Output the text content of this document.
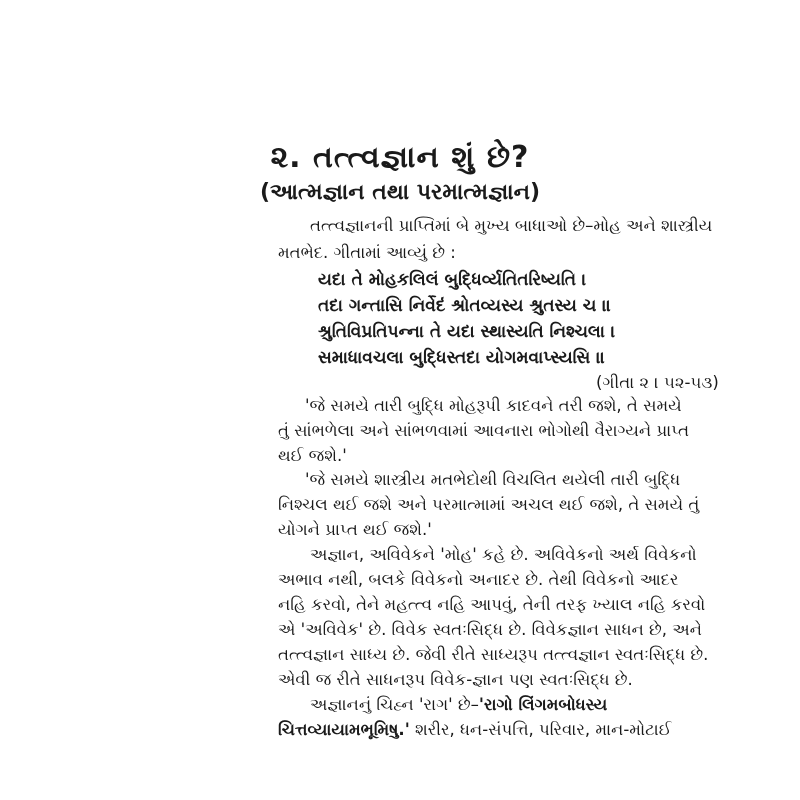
૨. તત્ત્વજ્ઞાન શું છે?
(આત્મજ્ઞાન તથા પરમાત્મજ્ઞાન)
તત્ત્વજ્ઞાનની પ્રાપ્તિમાં બે મુખ્ય બાધાઓ છે–મોહ અને શાસ્ત્રીય
મતભેદ. ગીતામાં આવ્યું છે :
યદા તે મોહકલિલં બુદ્ધિર્વ્યતિતરિષ્યતિ ।
તદા ગન્તાસિ નિર્વેદં શ્રોતવ્યસ્ય શ્રુતસ્ય ચ ॥
શ્રુતિવિપ્રતિપન્ના તે યદા સ્થાસ્યતિ નિશ્ચલા ।
સમાધાવચલા બુદ્ધિસ્તદા યોગમવાપ્સ્યસિ ॥
(ગીતા ૨ । ૫૨-૫૩)
'જે સમયે તારી બુદ્ધિ મોહરૂપી કાદવને તરી જશે, તે સમયે
તું સાંભળેલા અને સાંભળવામાં આવનારા ભોગોથી વૈરાગ્યને પ્રાપ્ત
થઈ જશે.'
'જે સમયે શાસ્ત્રીય મતભેદોથી વિચલિત થયેલી તારી બુદ્ધિ
નિશ્ચલ થઈ જશે અને પરમાત્મામાં અચલ થઈ જશે, તે સમયે તું
યોગને પ્રાપ્ત થઈ જશે.'
અજ્ઞાન, અવિવેકને 'મોહ' કહે છે. અવિવેકનો અર્થ વિવેકનો
અભાવ નથી, બલકે વિવેકનો અનાદર છે. તેથી વિવેકનો આદર
નહિ કરવો, તેને મહત્ત્વ નહિ આપવું, તેની તરફ ખ્યાલ નહિ કરવો
એ 'અવિવેક' છે. વિવેક સ્વતઃસિદ્ધ છે. વિવેકજ્ઞાન સાધન છે, અને
તત્ત્વજ્ઞાન સાધ્ય છે. જેવી રીતે સાધ્યરૂપ તત્ત્વજ્ઞાન સ્વતઃસિદ્ધ છે.
એવી જ રીતે સાધનરૂપ વિવેક-જ્ઞાન પણ સ્વતઃસિદ્ધ છે.
અજ્ઞાનનું ચિહ્ન 'રાગ' છે–'રાગો લિંગમબોધસ્ય
ચિત્તવ્યાયામભૂમિષુ.' શરીર, ધન-સંપત્તિ, પરિવાર, માન-મોટાઈ
